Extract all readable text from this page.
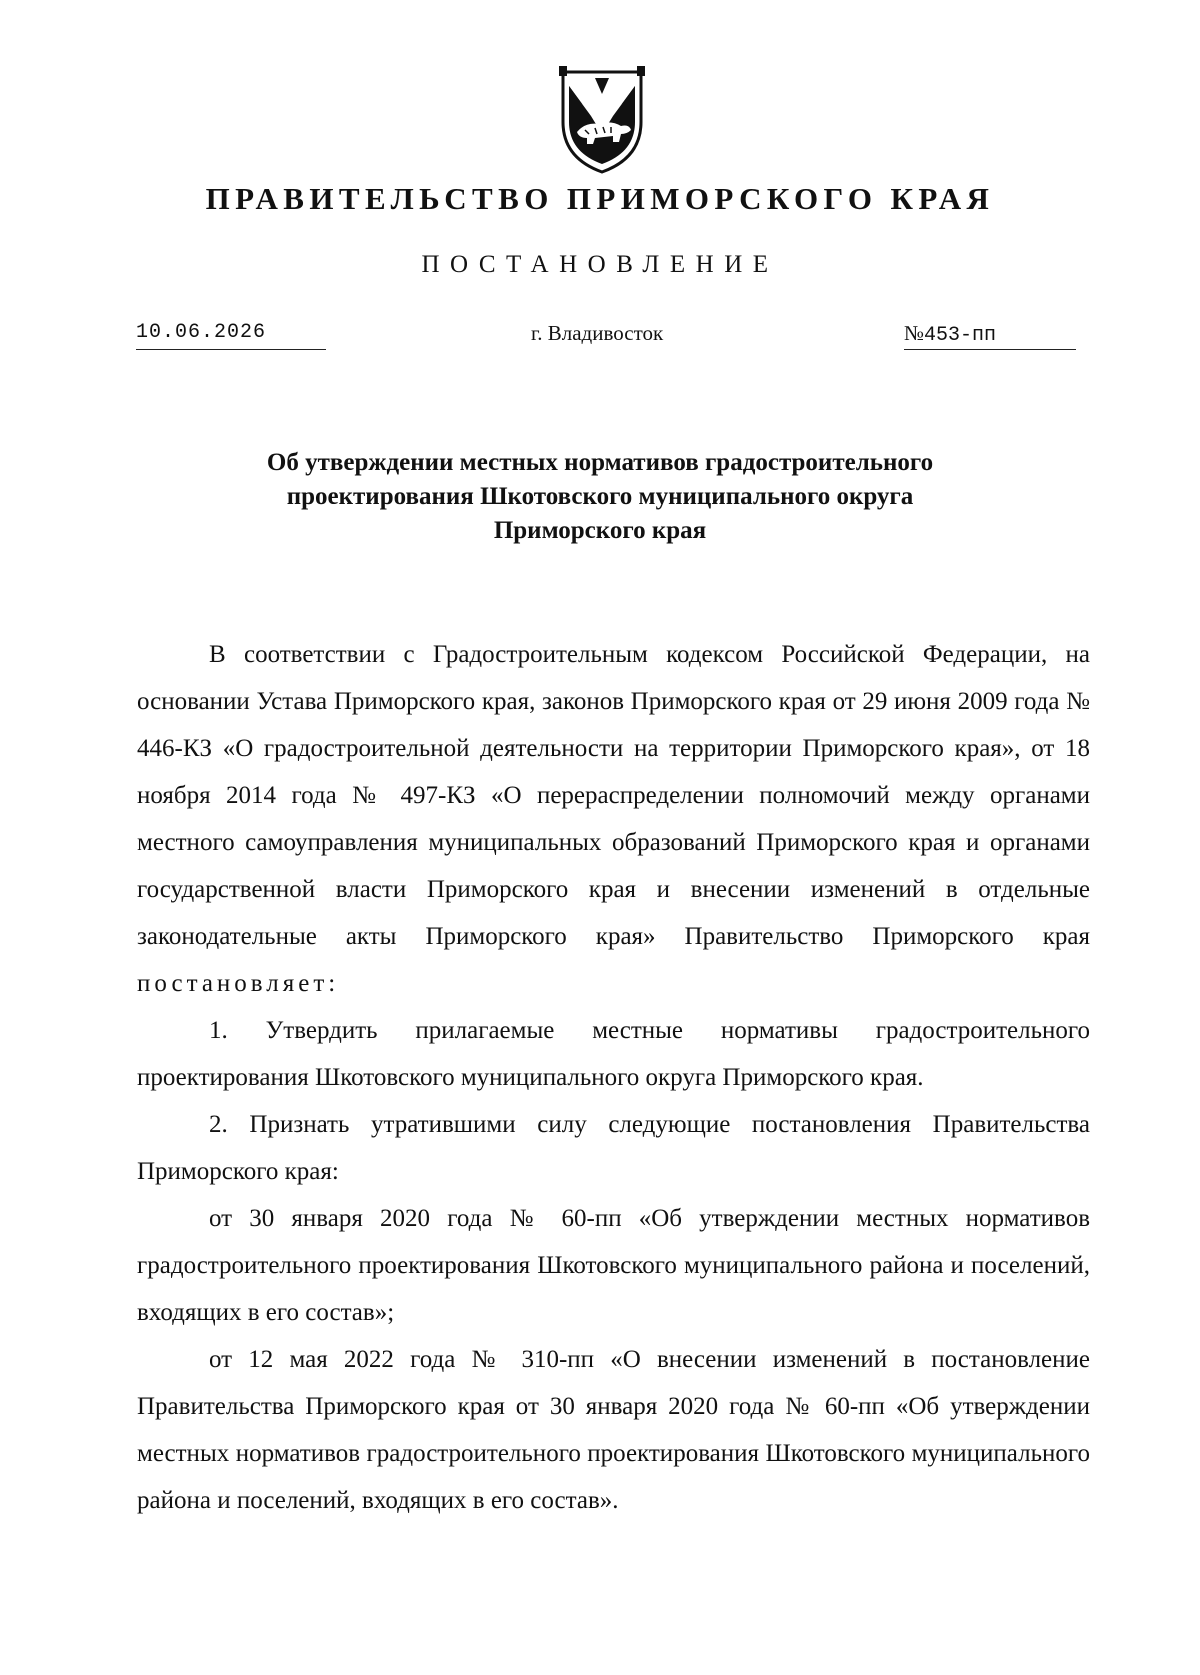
ПРАВИТЕЛЬСТВО ПРИМОРСКОГО КРАЯ
ПОСТАНОВЛЕНИЕ
10.06.2026	г. Владивосток	№453-пп
Об утверждении местных нормативов градостроительного
проектирования Шкотовского муниципального округа
Приморского края

В соответствии с Градостроительным кодексом Российской Федерации, на основании Устава Приморского края, законов Приморского края от 29 июня 2009 года № 446-КЗ «О градостроительной деятельности на территории Приморского края», от 18 ноября 2014 года № 497-КЗ «О перераспределении полномочий между органами местного самоуправления муниципальных образований Приморского края и органами государственной власти Приморского края и внесении изменений в отдельные законодательные акты Приморского края» Правительство Приморского края постановляет:

1. Утвердить прилагаемые местные нормативы градостроительного проектирования Шкотовского муниципального округа Приморского края.

2. Признать утратившими силу следующие постановления Правительства Приморского края:

от 30 января 2020 года № 60-пп «Об утверждении местных нормативов градостроительного проектирования Шкотовского муниципального района и поселений, входящих в его состав»;

от 12 мая 2022 года № 310-пп «О внесении изменений в постановление Правительства Приморского края от 30 января 2020 года № 60-пп «Об утверждении местных нормативов градостроительного проектирования Шкотовского муниципального района и поселений, входящих в его состав».
